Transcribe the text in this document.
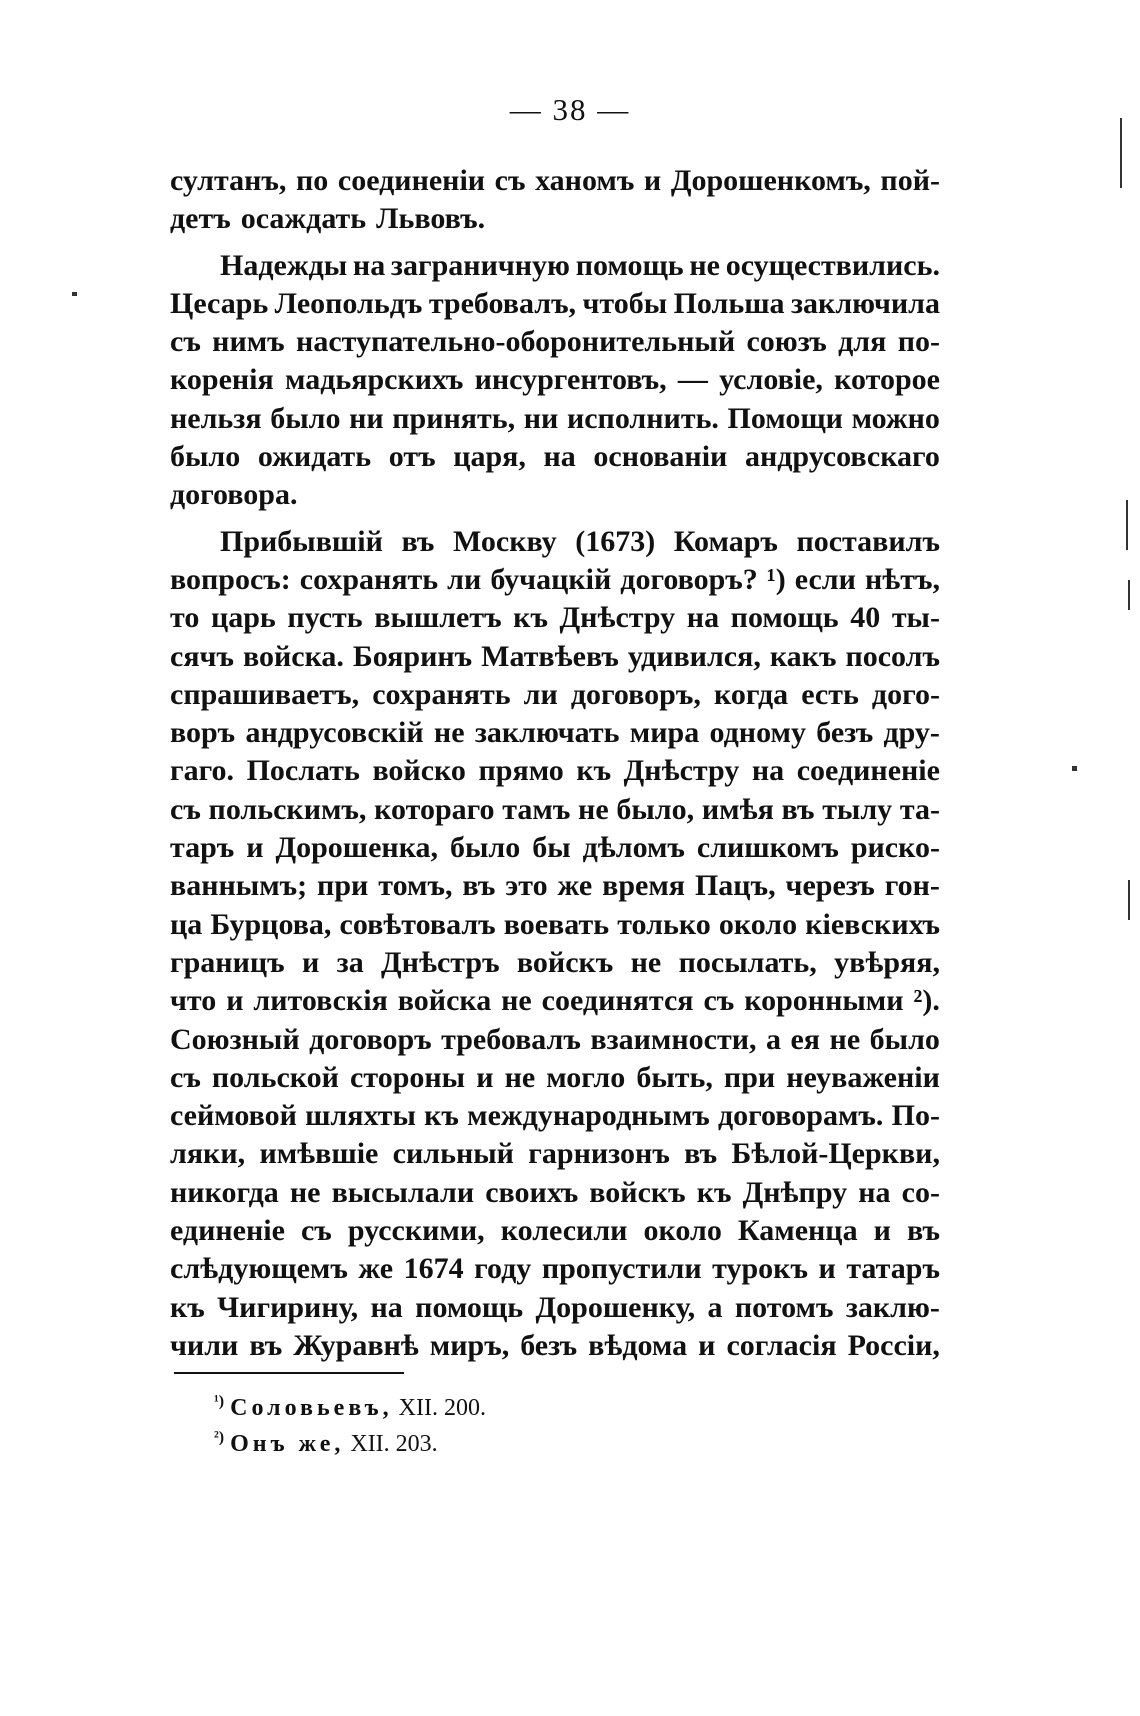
— 38 —
султанъ, по соединенiи съ ханомъ и Дорошенкомъ, пой-
детъ осаждать Львовъ.
Надежды на заграничную помощь не осуществились.
Цесарь Леопольдъ требовалъ, чтобы Польша заключила
съ нимъ наступательно-оборонительный союзъ для по-
коренiя мадьярскихъ инсургентовъ, — условiе, которое
нельзя было ни принять, ни исполнить. Помощи можно
было ожидать отъ царя, на основанiи андрусовскаго
договора.
Прибывшiй въ Москву (1673) Комаръ поставилъ
вопросъ: сохранять ли бучацкiй договоръ? ¹) если нѣтъ,
то царь пусть вышлетъ къ Днѣстру на помощь 40 ты-
сячъ войска. Бояринъ Матвѣевъ удивился, какъ посолъ
спрашиваетъ, сохранять ли договоръ, когда есть дого-
воръ андрусовскiй не заключать мира одному безъ дру-
гаго. Послать войско прямо къ Днѣстру на соединенiе
съ польскимъ, котораго тамъ не было, имѣя въ тылу та-
таръ и Дорошенка, было бы дѣломъ слишкомъ риско-
ваннымъ; при томъ, въ это же время Пацъ, черезъ гон-
ца Бурцова, совѣтовалъ воевать только около кiевскихъ
границъ и за Днѣстръ войскъ не посылать, увѣряя,
что и литовскiя войска не соединятся съ коронными ²).
Союзный договоръ требовалъ взаимности, а ея не было
съ польской стороны и не могло быть, при неуваженiи
сеймовой шляхты къ международнымъ договорамъ. По-
ляки, имѣвшiе сильный гарнизонъ въ Бѣлой-Церкви,
никогда не высылали своихъ войскъ къ Днѣпру на со-
единенiе съ русскими, колесили около Каменца и въ
слѣдующемъ же 1674 году пропустили турокъ и татаръ
къ Чигирину, на помощь Дорошенку, а потомъ заклю-
чили въ Журавнѣ миръ, безъ вѣдома и согласiя Россiи,
$^{^1)}$ Соловьевъ, XII. 200.
$^{^2)}$ Онъ же, XII. 203.
